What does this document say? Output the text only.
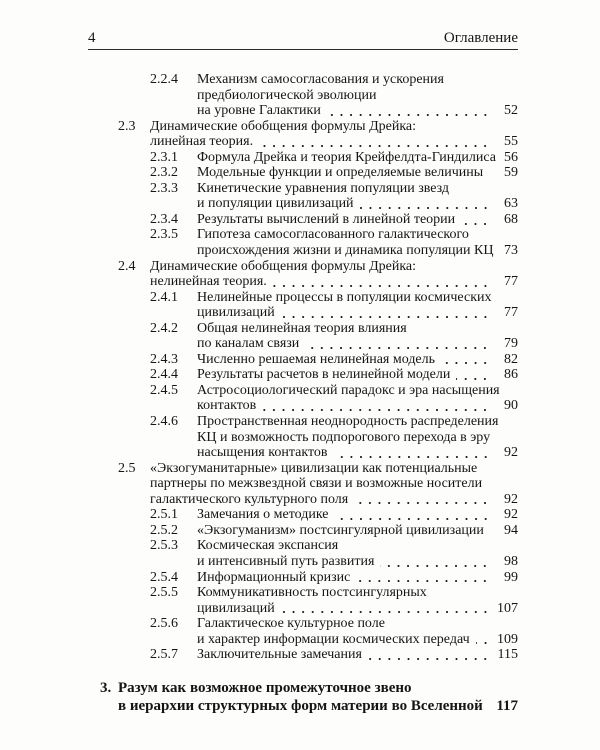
4	Оглавление
2.2.4 Механизм самосогласования и ускорения
предбиологической эволюции
на уровне Галактики	52
2.3 Динамические обобщения формулы Дрейка:
линейная теория.	55
2.3.1 Формула Дрейка и теория Крейфелдта-Гиндилиса 56
2.3.2 Модельные функции и определяемые величины	59
2.3.3 Кинетические уравнения популяции звезд
и популяции цивилизаций	63
2.3.4 Результаты вычислений в линейной теории	68
2.3.5 Гипотеза самосогласованного галактического
происхождения жизни и динамика популяции КЦ 73
2.4 Динамические обобщения формулы Дрейка:
нелинейная теория.	77
2.4.1 Нелинейные процессы в популяции космических
цивилизаций	77
2.4.2 Общая нелинейная теория влияния
по каналам связи	79
2.4.3 Численно решаемая нелинейная модель	82
2.4.4 Результаты расчетов в нелинейной модели	86
2.4.5 Астросоциологический парадокс и эра насыщения
контактов	90
2.4.6 Пространственная неоднородность распределения
КЦ и возможность подпорогового перехода в эру
насыщения контактов	92
2.5 «Экзогуманитарные» цивилизации как потенциальные
партнеры по межзвездной связи и возможные носители
галактического культурного поля	92
2.5.1 Замечания о методике	92
2.5.2 «Экзогуманизм» постсингулярной цивилизации	94
2.5.3 Космическая экспансия
и интенсивный путь развития	98
2.5.4 Информационный кризис	99
2.5.5 Коммуникативность постсингулярных
цивилизаций	107
2.5.6 Галактическое культурное поле
и характер информации космических передач	109
2.5.7 Заключительные замечания	115
3. Разум как возможное промежуточное звено
в иерархии структурных форм материи во Вселенной 117
